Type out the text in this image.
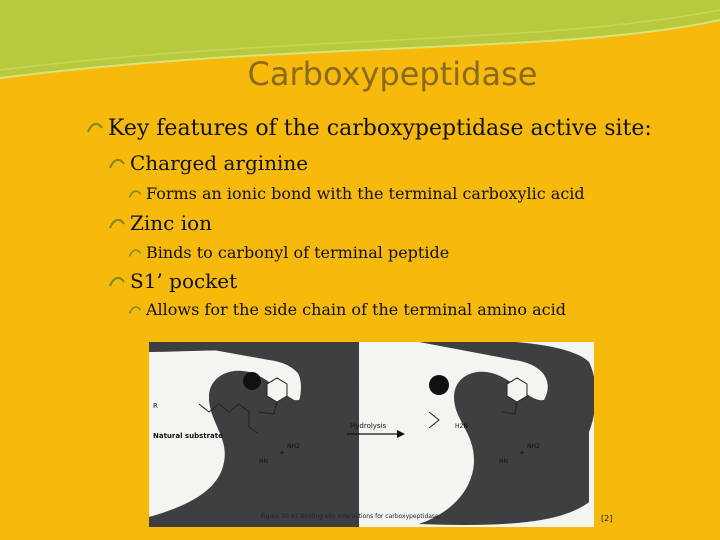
Carboxypeptidase
Key features of the carboxypeptidase active site:
Charged arginine
Forms an ionic bond with the terminal carboxylic acid
Zinc ion
Binds to carbonyl of terminal peptide
S1’ pocket
Allows for the side chain of the terminal amino acid
R
Natural substrate
NH2
HN
+
Hydrolysis	H2N
NH2
HN
+
Figure 10.61 Binding site interactions for carboxypeptidase.	[2]
